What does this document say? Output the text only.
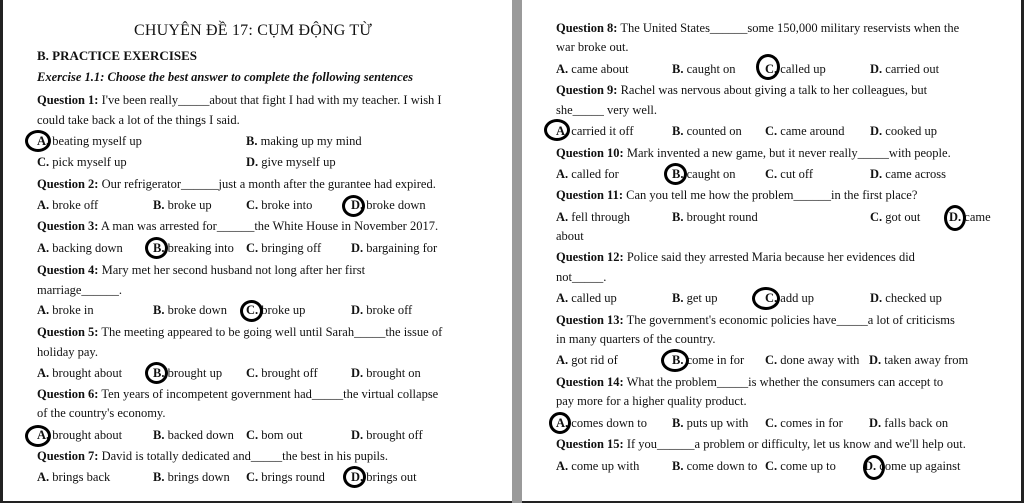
CHUYÊN ĐỀ 17: CỤM ĐỘNG TỪ
B. PRACTICE EXERCISES
Exercise 1.1: Choose the best answer to complete the following sentences
Question 1: I've been really_____about that fight I had with my teacher. I wish I
could take back a lot of the things I said.
A. beating myself up	B. making up my mind
C. pick myself up	D. give myself up
Question 2: Our refrigerator______just a month after the gurantee had expired.
A. broke off	B. broke up	C. broke into	D. broke down
Question 3: A man was arrested for______the White House in November 2017.
A. backing down B. breaking into C. bringing off D. bargaining for
Question 4: Mary met her second husband not long after her first
marriage______.
A. broke in	B. broke down C. broke up	D. broke off
Question 5: The meeting appeared to be going well until Sarah_____the issue of
holiday pay.
A. brought about B. brought up C. brought off	D. brought on
Question 6: Ten years of incompetent government had_____the virtual collapse
of the country's economy.
A. brought about B. backed down C. bom out	D. brought off
Question 7: David is totally dedicated and_____the best in his pupils.
A. brings back	B. brings down C. brings round D. brings out
Question 8: The United States______some 150,000 military reservists when the
war broke out.
A. came about	B. caught on C. called up	D. carried out
Question 9: Rachel was nervous about giving a talk to her colleagues, but
she_____ very well.
A. carried it off	B. counted on C. came around D. cooked up
Question 10: Mark invented a new game, but it never really_____with people.
A. called for	B. caught on C. cut off	D. came across
Question 11: Can you tell me how the problem______in the first place?
A. fell through	B. brought round	C. got out D. came
about
Question 12: Police said they arrested Maria because her evidences did
not_____.
A. called up	B. get up	C. add up	D. checked up
Question 13: The government's economic policies have_____a lot of criticisms
in many quarters of the country.
A. got rid of	B. come in for C. done away with D. taken away from
Question 14: What the problem_____is whether the consumers can accept to
pay more for a higher quality product.
A. comes down to B. puts up with C. comes in for D. falls back on
Question 15: If you______a problem or difficulty, let us know and we'll help out.
A. come up with	B. come down to C. come up to D. come up against
